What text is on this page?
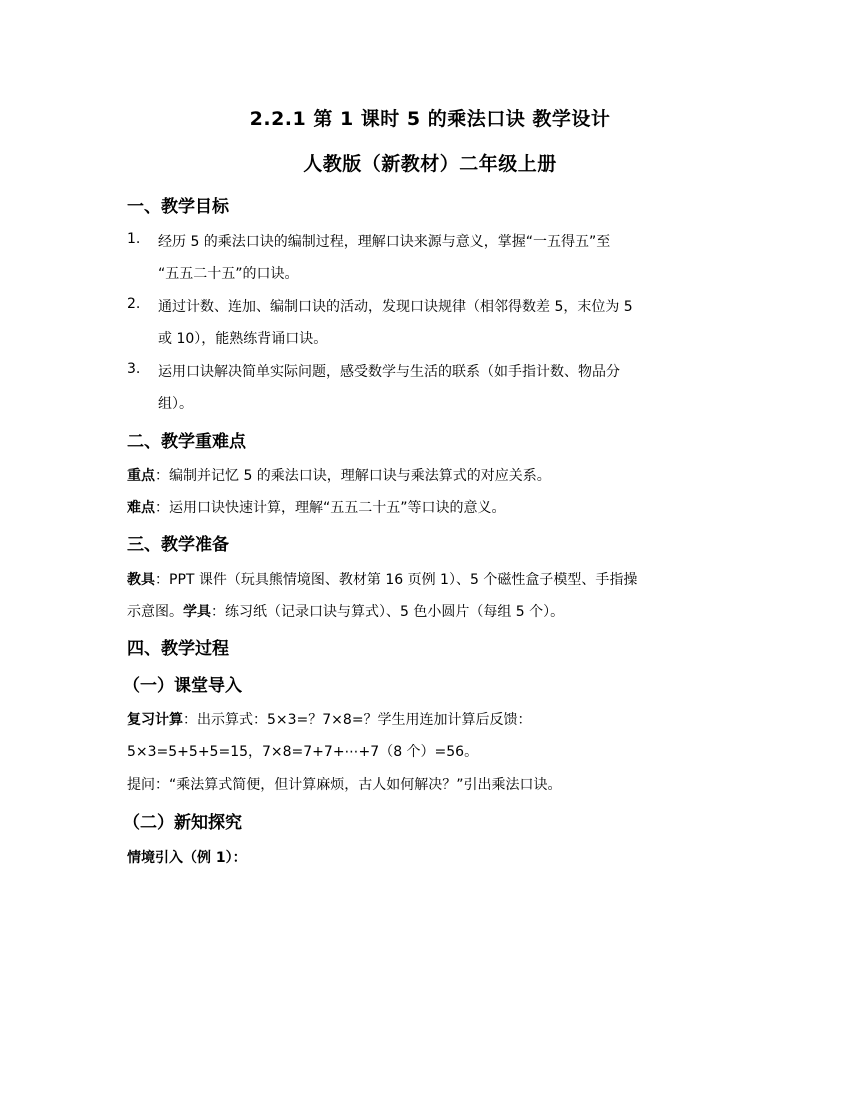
2.2.1 第 1 课时 5 的乘法口诀 教学设计
人教版（新教材）二年级上册
一、教学目标
1. 经历 5 的乘法口诀的编制过程，理解口诀来源与意义，掌握“一五得五”至
“五五二十五”的口诀。
2. 通过计数、连加、编制口诀的活动，发现口诀规律（相邻得数差 5，末位为 5
或 10），能熟练背诵口诀。
3. 运用口诀解决简单实际问题，感受数学与生活的联系（如手指计数、物品分
组）。
二、教学重难点
重点：编制并记忆 5 的乘法口诀，理解口诀与乘法算式的对应关系。
难点：运用口诀快速计算，理解“五五二十五”等口诀的意义。
三、教学准备
教具：PPT 课件（玩具熊情境图、教材第 16 页例 1）、5 个磁性盒子模型、手指操
示意图。学具：练习纸（记录口诀与算式）、5 色小圆片（每组 5 个）。
四、教学过程
（一）课堂导入
复习计算：出示算式：5×3=？7×8=？学生用连加计算后反馈：
5×3=5+5+5=15，7×8=7+7+⋯+7（8 个）=56。
提问：“乘法算式简便，但计算麻烦，古人如何解决？”引出乘法口诀。
（二）新知探究
情境引入（例 1）：
